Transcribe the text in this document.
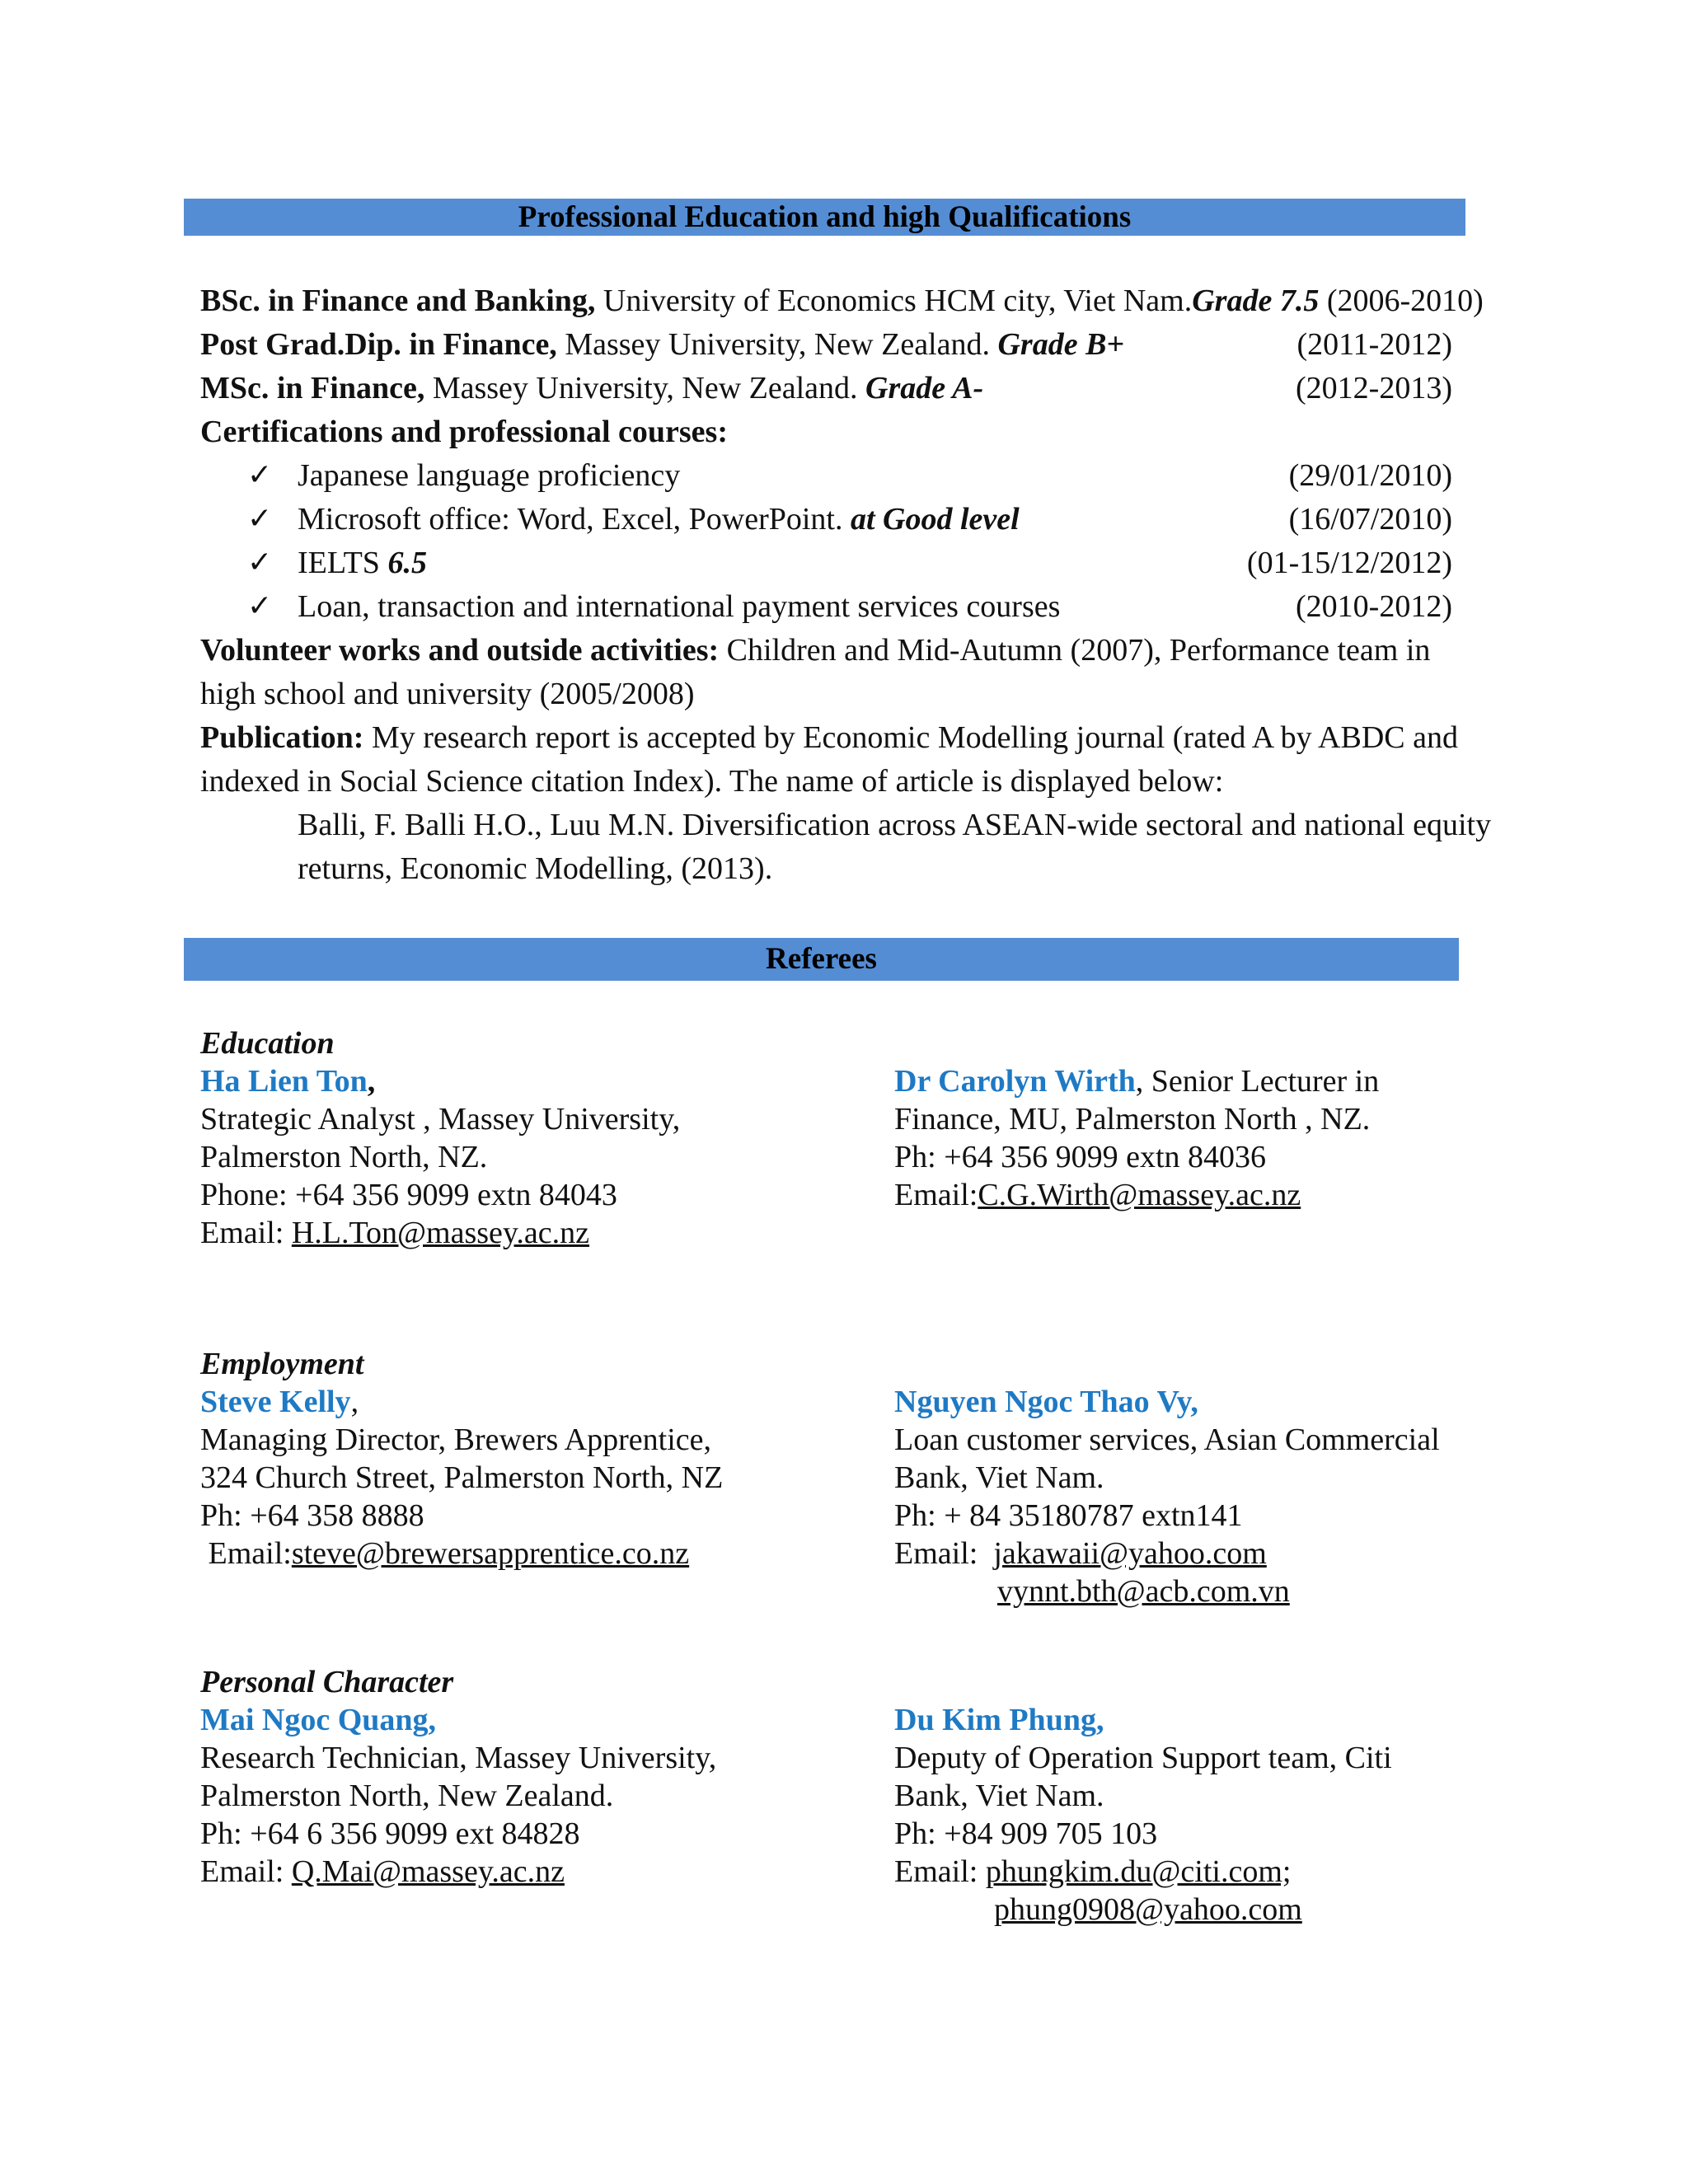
Professional Education and high Qualifications
BSc. in Finance and Banking, University of Economics HCM city, Viet Nam.Grade 7.5 (2006-2010)
Post Grad.Dip. in Finance, Massey University, New Zealand. Grade B+	(2011-2012)
MSc. in Finance, Massey University, New Zealand. Grade A-	(2012-2013)
Certifications and professional courses:
✓ Japanese language proficiency	(29/01/2010)
✓ Microsoft office: Word, Excel, PowerPoint. at Good level	(16/07/2010)
✓ IELTS 6.5	(01-15/12/2012)
✓ Loan, transaction and international payment services courses	(2010-2012)
Volunteer works and outside activities: Children and Mid-Autumn (2007), Performance team in high school and university (2005/2008)
Publication: My research report is accepted by Economic Modelling journal (rated A by ABDC and indexed in Social Science citation Index). The name of article is displayed below:
Balli, F. Balli H.O., Luu M.N. Diversification across ASEAN-wide sectoral and national equity returns, Economic Modelling, (2013).
Referees
Education
Ha Lien Ton,
Strategic Analyst , Massey University,
Palmerston North, NZ.
Phone: +64 356 9099 extn 84043
Email: H.L.Ton@massey.ac.nz
Dr Carolyn Wirth, Senior Lecturer in
Finance, MU, Palmerston North , NZ.
Ph: +64 356 9099 extn 84036
Email:C.G.Wirth@massey.ac.nz
Employment
Steve Kelly,
Managing Director, Brewers Apprentice,
324 Church Street, Palmerston North, NZ
Ph: +64 358 8888
Email:steve@brewersapprentice.co.nz
Nguyen Ngoc Thao Vy,
Loan customer services, Asian Commercial
Bank, Viet Nam.
Ph: + 84 35180787 extn141
Email:  jakawaii@yahoo.com
vynnt.bth@acb.com.vn
Personal Character
Mai Ngoc Quang,
Research Technician, Massey University,
Palmerston North, New Zealand.
Ph: +64 6 356 9099 ext 84828
Email: Q.Mai@massey.ac.nz
Du Kim Phung,
Deputy of Operation Support team, Citi
Bank, Viet Nam.
Ph: +84 909 705 103
Email: phungkim.du@citi.com;
phung0908@yahoo.com
